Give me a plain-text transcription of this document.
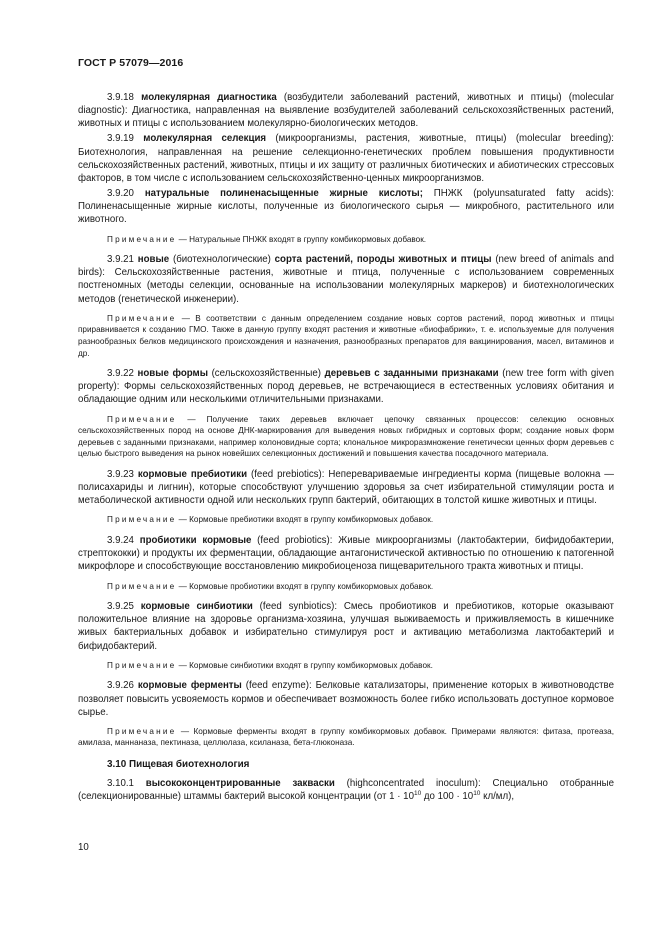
ГОСТ Р 57079—2016
3.9.18 молекулярная диагностика (возбудители заболеваний растений, животных и птицы) (molecular diagnostic): Диагностика, направленная на выявление возбудителей заболеваний сельскохозяйственных растений, животных и птицы с использованием молекулярно-биологических методов.
3.9.19 молекулярная селекция (микроорганизмы, растения, животные, птицы) (molecular breeding): Биотехнология, направленная на решение селекционно-генетических проблем повышения продуктивности сельскохозяйственных растений, животных, птицы и их защиту от различных биотических и абиотических стрессовых факторов, в том числе с использованием сельскохозяйственно-ценных микроорганизмов.
3.9.20 натуральные полиненасыщенные жирные кислоты; ПНЖК (polyunsaturated fatty acids): Полиненасыщенные жирные кислоты, полученные из биологического сырья — микробного, растительного или животного.
Примечание — Натуральные ПНЖК входят в группу комбикормовых добавок.
3.9.21 новые (биотехнологические) сорта растений, породы животных и птицы (new breed of animals and birds): Сельскохозяйственные растения, животные и птица, полученные с использованием современных постгеномных (методы селекции, основанные на использовании молекулярных маркеров) и биотехнологических методов (генетической инженерии).
Примечание — В соответствии с данным определением создание новых сортов растений, пород животных и птицы приравнивается к созданию ГМО. Также в данную группу входят растения и животные «биофабрики», т. е. используемые для получения разнообразных белков медицинского происхождения и назначения, разнообразных препаратов для вакцинирования, масел, витаминов и др.
3.9.22 новые формы (сельскохозяйственные) деревьев с заданными признаками (new tree form with given property): Формы сельскохозяйственных пород деревьев, не встречающиеся в естественных условиях обитания и обладающие одним или несколькими отличительными признаками.
Примечание — Получение таких деревьев включает цепочку связанных процессов: селекцию основных сельскохозяйственных пород на основе ДНК-маркирования для выведения новых гибридных и сортовых форм; создание новых форм деревьев с заданными признаками, например колоновидные сорта; клональное микроразмножение генетически ценных форм деревьев с целью быстрого выведения на рынок новейших селекционных достижений и повышения качества посадочного материала.
3.9.23 кормовые пребиотики (feed prebiotics): Неперевариваемые ингредиенты корма (пищевые волокна — полисахариды и лигнин), которые способствуют улучшению здоровья за счет избирательной стимуляции роста и метаболической активности одной или нескольких групп бактерий, обитающих в толстой кишке животных и птицы.
Примечание — Кормовые пребиотики входят в группу комбикормовых добавок.
3.9.24 пробиотики кормовые (feed probiotics): Живые микроорганизмы (лактобактерии, бифидобактерии, стрептококки) и продукты их ферментации, обладающие антагонистической активностью по отношению к патогенной микрофлоре и способствующие восстановлению микробиоценоза пищеварительного тракта животных и птицы.
Примечание — Кормовые пробиотики входят в группу комбикормовых добавок.
3.9.25 кормовые синбиотики (feed synbiotics): Смесь пробиотиков и пребиотиков, которые оказывают положительное влияние на здоровье организма-хозяина, улучшая выживаемость и приживляемость в кишечнике живых бактериальных добавок и избирательно стимулируя рост и активацию метаболизма лактобактерий и бифидобактерий.
Примечание — Кормовые синбиотики входят в группу комбикормовых добавок.
3.9.26 кормовые ферменты (feed enzyme): Белковые катализаторы, применение которых в животноводстве позволяет повысить усвояемость кормов и обеспечивает возможность более гибко использовать доступное кормовое сырье.
Примечание — Кормовые ферменты входят в группу комбикормовых добавок. Примерами являются: фитаза, протеаза, амилаза, маннаназа, пектиназа, целлюлаза, ксиланаза, бета-глюконаза.
3.10 Пищевая биотехнология
3.10.1 высококонцентрированные закваски (highconcentrated inoculum): Специально отобранные (селекционированные) штаммы бактерий высокой концентрации (от $1 \cdot 10^{10}$ до $100 \cdot 10^{10}$ кл/мл),
10
